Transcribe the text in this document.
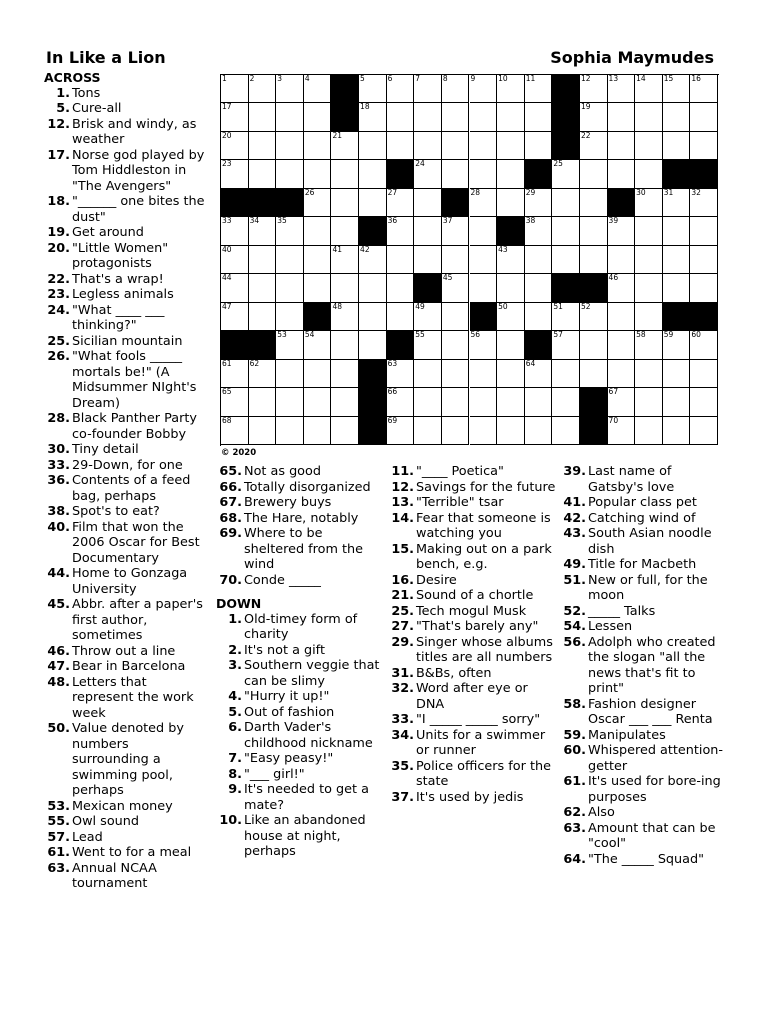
In Like a Lion	Sophia Maymudes
1	2	3	4	5	6	7	8	9	10 11	12 13 14 15 16
17	18	19
20	21	22
23	24	25
26	27	28	29	30 31 32
33 34 35	36	37	38	39
40	41 42	43
44	45	46
47	48	49	50	51 52
53 54	55	56	57	58 59 60
61 62	63	64
65	66	67
68	69	70
© 2020
ACROSS
1. Tons
5. Cure-all
12. Brisk and windy, as weather
17. Norse god played by Tom Hiddleston in "The Avengers"
18. "______ one bites the dust"
19. Get around
20. "Little Women" protagonists
22. That's a wrap!
23. Legless animals
24. "What ____ ___ thinking?"
25. Sicilian mountain
26. "What fools _____ mortals be!" (A Midsummer NIght's Dream)
28. Black Panther Party co-founder Bobby
30. Tiny detail
33. 29-Down, for one
36. Contents of a feed bag, perhaps
38. Spot's to eat?
40. Film that won the 2006 Oscar for Best Documentary
44. Home to Gonzaga University
45. Abbr. after a paper's first author, sometimes
46. Throw out a line
47. Bear in Barcelona
48. Letters that represent the work week
50. Value denoted by numbers surrounding a swimming pool, perhaps
53. Mexican money
55. Owl sound
57. Lead
61. Went to for a meal
63. Annual NCAA tournament
65. Not as good
66. Totally disorganized
67. Brewery buys
68. The Hare, notably
69. Where to be sheltered from the wind
70. Conde _____
DOWN
1. Old-timey form of charity
2. It's not a gift
3. Southern veggie that can be slimy
4. "Hurry it up!"
5. Out of fashion
6. Darth Vader's childhood nickname
7. "Easy peasy!"
8. "___ girl!"
9. It's needed to get a mate?
10. Like an abandoned house at night, perhaps
11. "____ Poetica"
12. Savings for the future
13. "Terrible" tsar
14. Fear that someone is watching you
15. Making out on a park bench, e.g.
16. Desire
21. Sound of a chortle
25. Tech mogul Musk
27. "That's barely any"
29. Singer whose albums titles are all numbers
31. B&Bs, often
32. Word after eye or DNA
33. "I _____ _____ sorry"
34. Units for a swimmer or runner
35. Police officers for the state
37. It's used by jedis
39. Last name of Gatsby's love
41. Popular class pet
42. Catching wind of
43. South Asian noodle dish
49. Title for Macbeth
51. New or full, for the moon
52. _____ Talks
54. Lessen
56. Adolph who created the slogan "all the news that's fit to print"
58. Fashion designer Oscar ___ ___ Renta
59. Manipulates
60. Whispered attention-getter
61. It's used for bore-ing purposes
62. Also
63. Amount that can be "cool"
64. "The _____ Squad"
